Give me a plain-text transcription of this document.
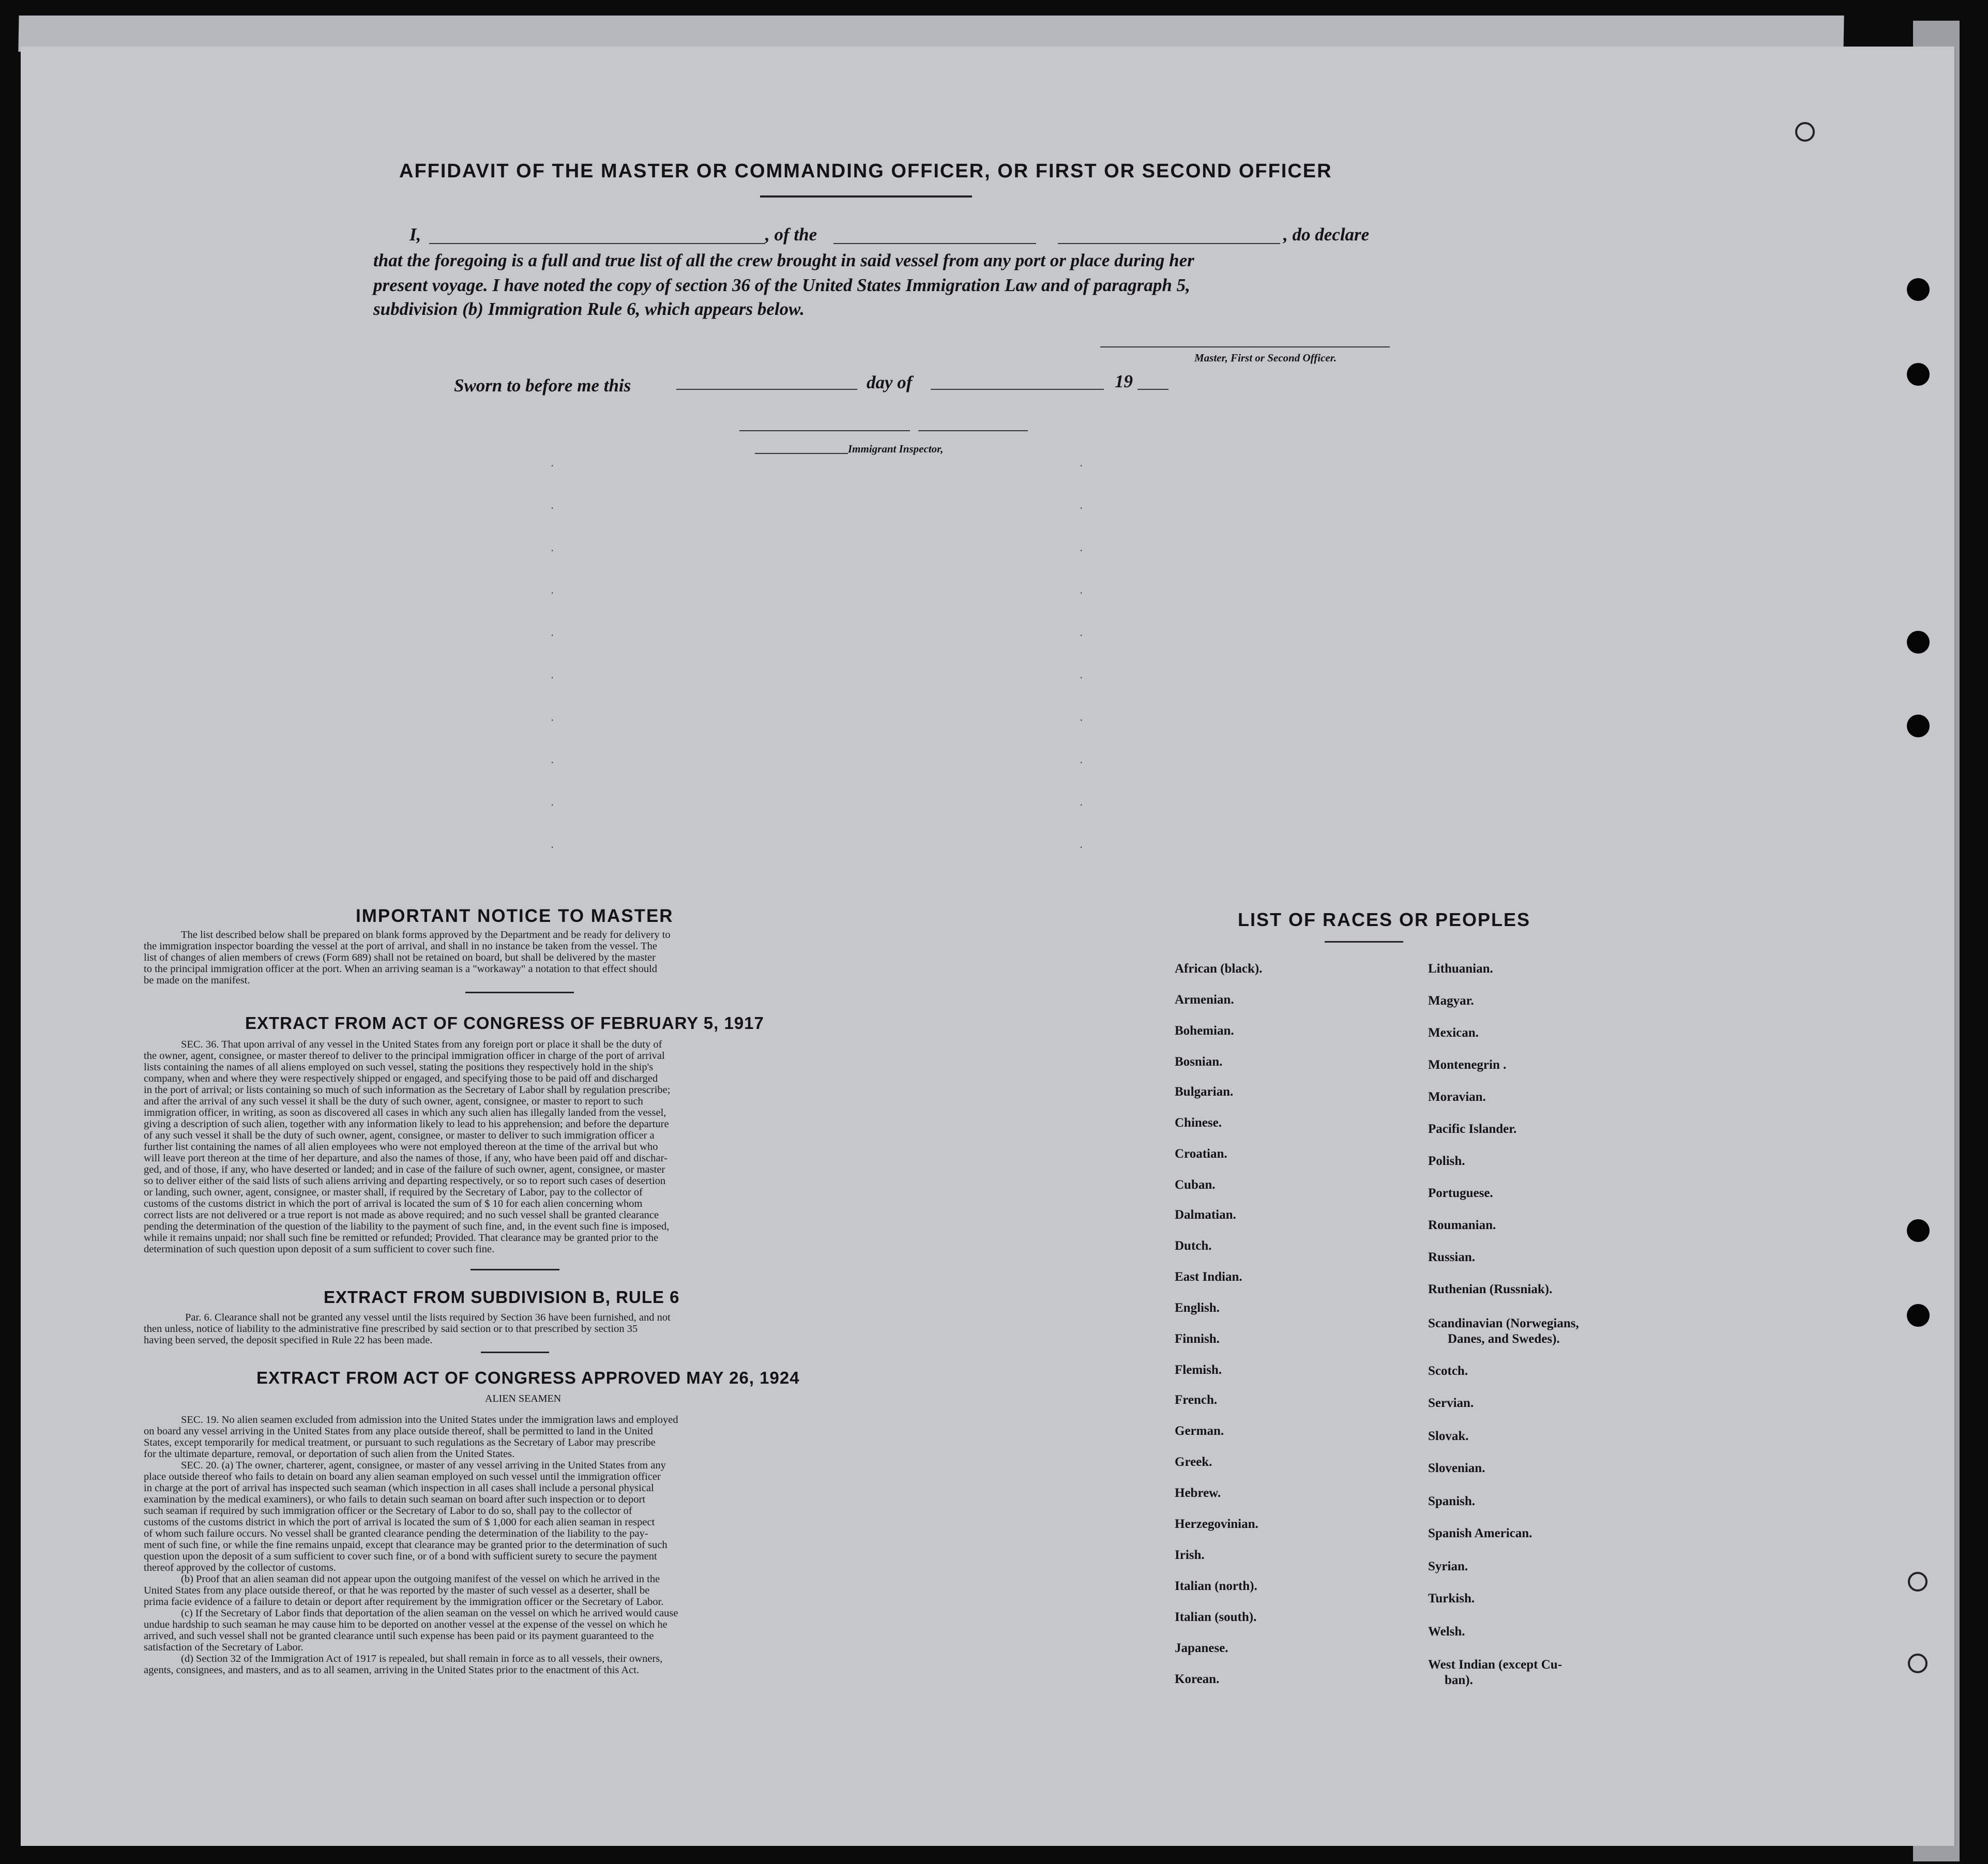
·
·
·
·
·
·
·
·
·
·
·
·
·
·
·
·
·
·
·
·
AFFIDAVIT OF THE MASTER OR COMMANDING OFFICER, OR FIRST OR SECOND OFFICER
I,	, of the	, do declare
that the foregoing is a full and true list of all the crew brought in said vessel from any port or place during her
present voyage. I have noted the copy of section 36 of the United States Immigration Law and of paragraph 5,
subdivision (b) Immigration Rule 6, which appears below.
Master, First or Second Officer.
Sworn to before me this	day of	19
Immigrant Inspector,
IMPORTANT NOTICE TO MASTER
The list described below shall be prepared on blank forms approved by the Department and be ready for delivery to
the immigration inspector boarding the vessel at the port of arrival, and shall in no instance be taken from the vessel. The
list of changes of alien members of crews (Form 689) shall not be retained on board, but shall be delivered by the master
to the principal immigration officer at the port. When an arriving seaman is a "workaway" a notation to that effect should
be made on the manifest.
EXTRACT FROM ACT OF CONGRESS OF FEBRUARY 5, 1917
SEC. 36. That upon arrival of any vessel in the United States from any foreign port or place it shall be the duty of
the owner, agent, consignee, or master thereof to deliver to the principal immigration officer in charge of the port of arrival
lists containing the names of all aliens employed on such vessel, stating the positions they respectively hold in the ship's
company, when and where they were respectively shipped or engaged, and specifying those to be paid off and discharged
in the port of arrival; or lists containing so much of such information as the Secretary of Labor shall by regulation prescribe;
and after the arrival of any such vessel it shall be the duty of such owner, agent, consignee, or master to report to such
immigration officer, in writing, as soon as discovered all cases in which any such alien has illegally landed from the vessel,
giving a description of such alien, together with any information likely to lead to his apprehension; and before the departure
of any such vessel it shall be the duty of such owner, agent, consignee, or master to deliver to such immigration officer a
further list containing the names of all alien employees who were not employed thereon at the time of the arrival but who
will leave port thereon at the time of her departure, and also the names of those, if any, who have been paid off and dischar-
ged, and of those, if any, who have deserted or landed; and in case of the failure of such owner, agent, consignee, or master
so to deliver either of the said lists of such aliens arriving and departing respectively, or so to report such cases of desertion
or landing, such owner, agent, consignee, or master shall, if required by the Secretary of Labor, pay to the collector of
customs of the customs district in which the port of arrival is located the sum of $ 10 for each alien concerning whom
correct lists are not delivered or a true report is not made as above required; and no such vessel shall be granted clearance
pending the determination of the question of the liability to the payment of such fine, and, in the event such fine is imposed,
while it remains unpaid; nor shall such fine be remitted or refunded; Provided. That clearance may be granted prior to the
determination of such question upon deposit of a sum sufficient to cover such fine.
EXTRACT FROM SUBDIVISION B, RULE 6
Par. 6. Clearance shall not be granted any vessel until the lists required by Section 36 have been furnished, and not
then unless, notice of liability to the administrative fine prescribed by said section or to that prescribed by section 35
having been served, the deposit specified in Rule 22 has been made.
EXTRACT FROM ACT OF CONGRESS APPROVED MAY 26, 1924
ALIEN SEAMEN
SEC. 19. No alien seamen excluded from admission into the United States under the immigration laws and employed
on board any vessel arriving in the United States from any place outside thereof, shall be permitted to land in the United
States, except temporarily for medical treatment, or pursuant to such regulations as the Secretary of Labor may prescribe
for the ultimate departure, removal, or deportation of such alien from the United States.
SEC. 20. (a) The owner, charterer, agent, consignee, or master of any vessel arriving in the United States from any
place outside thereof who fails to detain on board any alien seaman employed on such vessel until the immigration officer
in charge at the port of arrival has inspected such seaman (which inspection in all cases shall include a personal physical
examination by the medical examiners), or who fails to detain such seaman on board after such inspection or to deport
such seaman if required by such immigration officer or the Secretary of Labor to do so, shall pay to the collector of
customs of the customs district in which the port of arrival is located the sum of $ 1,000 for each alien seaman in respect
of whom such failure occurs. No vessel shall be granted clearance pending the determination of the liability to the pay-
ment of such fine, or while the fine remains unpaid, except that clearance may be granted prior to the determination of such
question upon the deposit of a sum sufficient to cover such fine, or of a bond with sufficient surety to secure the payment
thereof approved by the collector of customs.
(b) Proof that an alien seaman did not appear upon the outgoing manifest of the vessel on which he arrived in the
United States from any place outside thereof, or that he was reported by the master of such vessel as a deserter, shall be
prima facie evidence of a failure to detain or deport after requirement by the immigration officer or the Secretary of Labor.
(c) If the Secretary of Labor finds that deportation of the alien seaman on the vessel on which he arrived would cause
undue hardship to such seaman he may cause him to be deported on another vessel at the expense of the vessel on which he
arrived, and such vessel shall not be granted clearance until such expense has been paid or its payment guaranteed to the
satisfaction of the Secretary of Labor.
(d) Section 32 of the Immigration Act of 1917 is repealed, but shall remain in force as to all vessels, their owners,
agents, consignees, and masters, and as to all seamen, arriving in the United States prior to the enactment of this Act.
LIST OF RACES OR PEOPLES
African (black).
Armenian.
Bohemian.
Bosnian.
Bulgarian.
Chinese.
Croatian.
Cuban.
Dalmatian.
Dutch.
East Indian.
English.
Finnish.
Flemish.
French.
German.
Greek.
Hebrew.
Herzegovinian.
Irish.
Italian (north).
Italian (south).
Japanese.
Korean.
Lithuanian.
Magyar.
Mexican.
Montenegrin .
Moravian.
Pacific Islander.
Polish.
Portuguese.
Roumanian.
Russian.
Ruthenian (Russniak).
Scandinavian (Norwegians,
Danes, and Swedes).
Scotch.
Servian.
Slovak.
Slovenian.
Spanish.
Spanish American.
Syrian.
Turkish.
Welsh.
West Indian (except Cu-
ban).
